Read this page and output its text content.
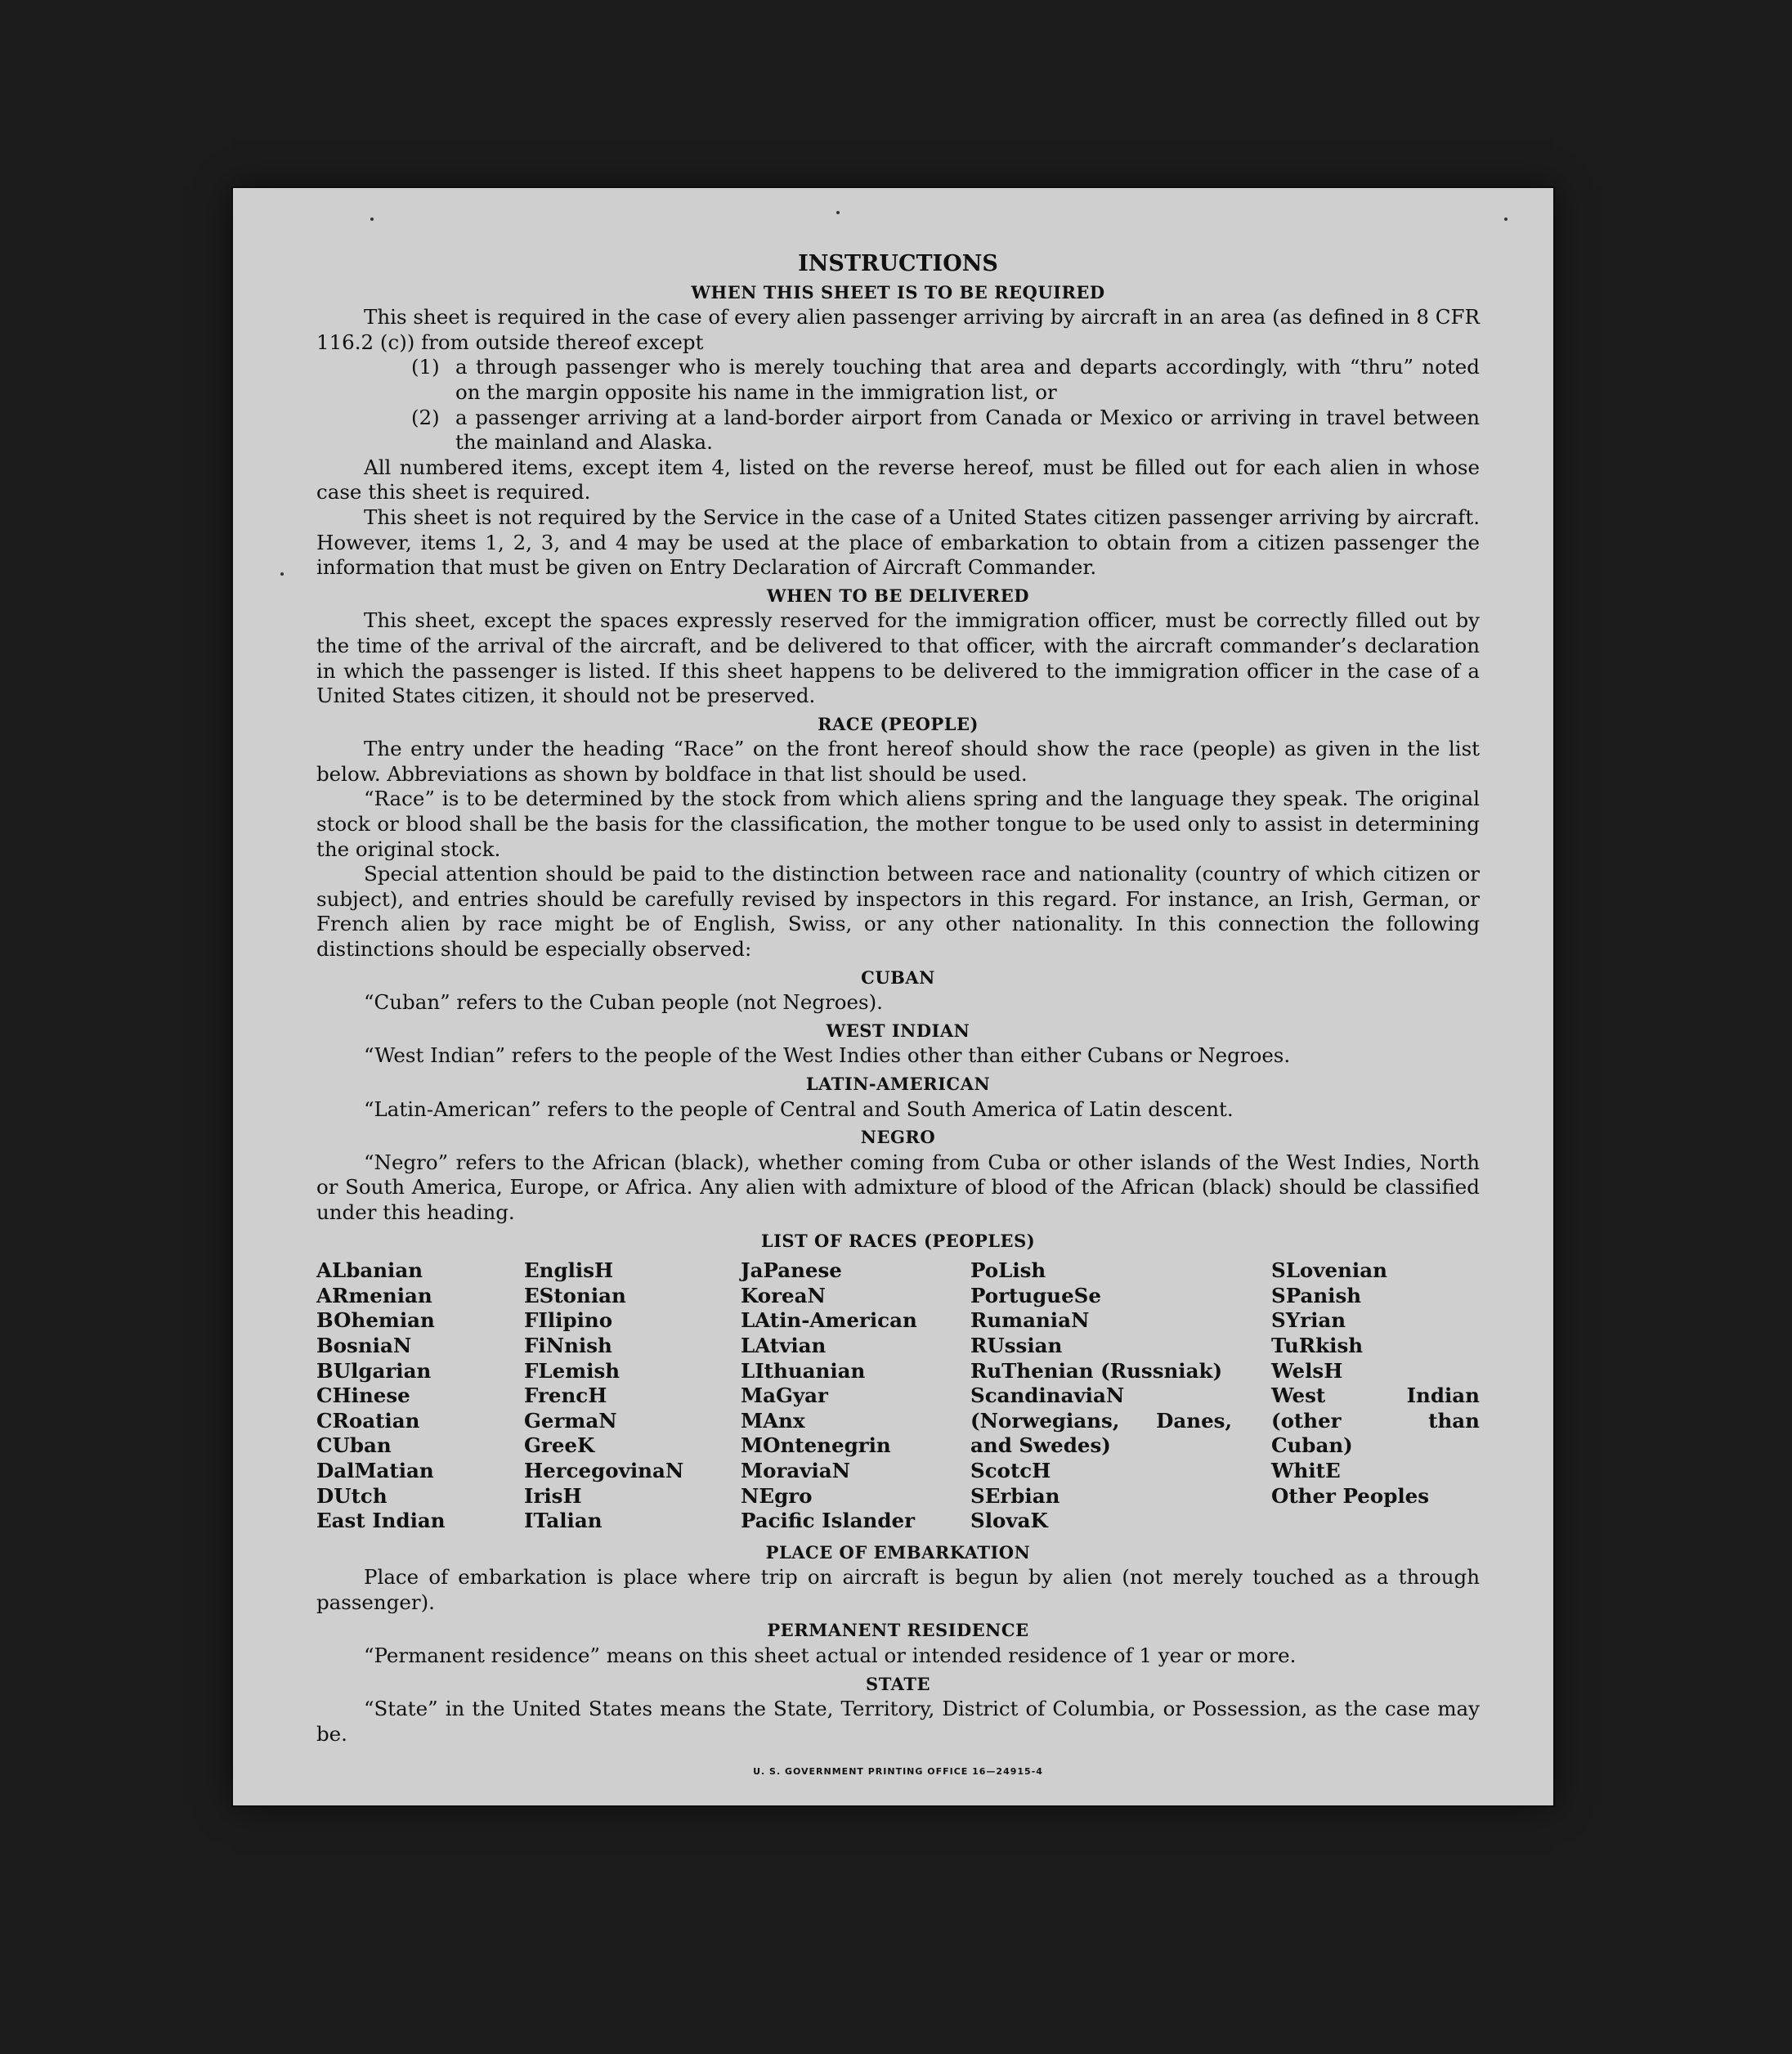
INSTRUCTIONS
WHEN THIS SHEET IS TO BE REQUIRED

This sheet is required in the case of every alien passenger arriving by aircraft in an area (as defined in 8 CFR 116.2 (c)) from outside thereof except

(1) a through passenger who is merely touching that area and departs accordingly, with “thru” noted on the margin opposite his name in the immigration list, or
(2) a passenger arriving at a land-border airport from Canada or Mexico or arriving in travel between the mainland and Alaska.

All numbered items, except item 4, listed on the reverse hereof, must be filled out for each alien in whose case this sheet is required.

This sheet is not required by the Service in the case of a United States citizen passenger arriving by aircraft. However, items 1, 2, 3, and 4 may be used at the place of embarkation to obtain from a citizen passenger the information that must be given on Entry Declaration of Aircraft Commander.

WHEN TO BE DELIVERED

This sheet, except the spaces expressly reserved for the immigration officer, must be correctly filled out by the time of the arrival of the aircraft, and be delivered to that officer, with the aircraft commander’s declaration in which the passenger is listed. If this sheet happens to be delivered to the immigration officer in the case of a United States citizen, it should not be preserved.

RACE (PEOPLE)

The entry under the heading “Race” on the front hereof should show the race (people) as given in the list below. Abbreviations as shown by boldface in that list should be used.

“Race” is to be determined by the stock from which aliens spring and the language they speak. The original stock or blood shall be the basis for the classification, the mother tongue to be used only to assist in determining the original stock.

Special attention should be paid to the distinction between race and nationality (country of which citizen or subject), and entries should be carefully revised by inspectors in this regard. For instance, an Irish, German, or French alien by race might be of English, Swiss, or any other nationality. In this connection the following distinctions should be especially observed:

CUBAN

“Cuban” refers to the Cuban people (not Negroes).

WEST INDIAN

“West Indian” refers to the people of the West Indies other than either Cubans or Negroes.

LATIN-AMERICAN

“Latin-American” refers to the people of Central and South America of Latin descent.

NEGRO

“Negro” refers to the African (black), whether coming from Cuba or other islands of the West Indies, North or South America, Europe, or Africa. Any alien with admixture of blood of the African (black) should be classified under this heading.

LIST OF RACES (PEOPLES)
ALbanian
ARmenian
BOhemian
BosniaN
BUlgarian
CHinese
CRoatian
CUban
DalMatian
DUtch
East Indian
EnglisH
EStonian
FIlipino
FiNnish
FLemish
FrencH
GermaN
GreeK
HercegovinaN
IrisH
ITalian
JaPanese
KoreaN
LAtin-American
LAtvian
LIthuanian
MaGyar
MAnx
MOntenegrin
MoraviaN
NEgro
Pacific Islander
PoLish
PortugueSe
RumaniaN
RUssian
RuThenian (Russniak)
ScandinaviaN (Norwegians, Danes, and Swedes)
ScotcH
SErbian
SlovaK
SLovenian
SPanish
SYrian
TuRkish
WelsH
West Indian (other than Cuban)
WhitE
Other Peoples
PLACE OF EMBARKATION

Place of embarkation is place where trip on aircraft is begun by alien (not merely touched as a through passenger).

PERMANENT RESIDENCE

“Permanent residence” means on this sheet actual or intended residence of 1 year or more.

STATE

“State” in the United States means the State, Territory, District of Columbia, or Possession, as the case may be.

U. S. GOVERNMENT PRINTING OFFICE 16—24915-4
